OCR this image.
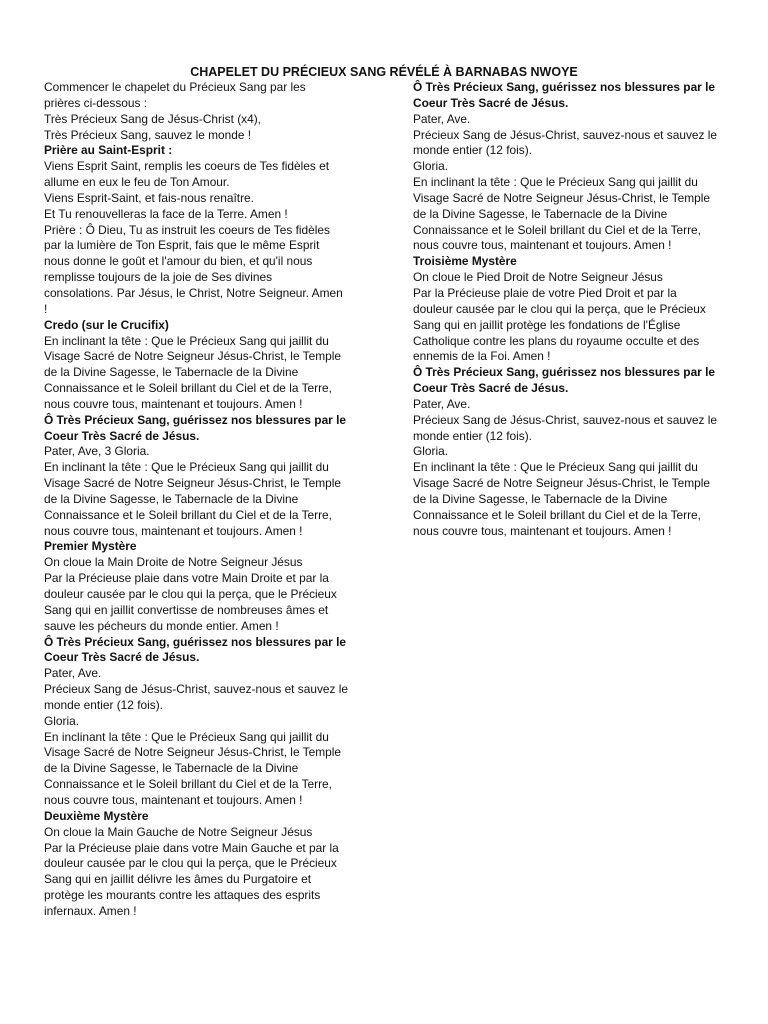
CHAPELET DU PRÉCIEUX SANG RÉVÉLÉ À BARNABAS NWOYE
Commencer le chapelet du Précieux Sang par les
prières ci-dessous :
Très Précieux Sang de Jésus-Christ (x4),
Très Précieux Sang, sauvez le monde !
Prière au Saint-Esprit :
Viens Esprit Saint, remplis les coeurs de Tes fidèles et
allume en eux le feu de Ton Amour.
Viens Esprit-Saint, et fais-nous renaître.
Et Tu renouvelleras la face de la Terre. Amen !
Prière : Ô Dieu, Tu as instruit les coeurs de Tes fidèles
par la lumière de Ton Esprit, fais que le même Esprit
nous donne le goût et l'amour du bien, et qu'il nous
remplisse toujours de la joie de Ses divines
consolations. Par Jésus, le Christ, Notre Seigneur. Amen
!
Credo (sur le Crucifix)
En inclinant la tête : Que le Précieux Sang qui jaillit du
Visage Sacré de Notre Seigneur Jésus-Christ, le Temple
de la Divine Sagesse, le Tabernacle de la Divine
Connaissance et le Soleil brillant du Ciel et de la Terre,
nous couvre tous, maintenant et toujours. Amen !
Ô Très Précieux Sang, guérissez nos blessures par le
Coeur Très Sacré de Jésus.
Pater, Ave, 3 Gloria.
En inclinant la tête : Que le Précieux Sang qui jaillit du
Visage Sacré de Notre Seigneur Jésus-Christ, le Temple
de la Divine Sagesse, le Tabernacle de la Divine
Connaissance et le Soleil brillant du Ciel et de la Terre,
nous couvre tous, maintenant et toujours. Amen !
Premier Mystère
On cloue la Main Droite de Notre Seigneur Jésus
Par la Précieuse plaie dans votre Main Droite et par la
douleur causée par le clou qui la perça, que le Précieux
Sang qui en jaillit convertisse de nombreuses âmes et
sauve les pécheurs du monde entier. Amen !
Ô Très Précieux Sang, guérissez nos blessures par le
Coeur Très Sacré de Jésus.
Pater, Ave.
Précieux Sang de Jésus-Christ, sauvez-nous et sauvez le
monde entier (12 fois).
Gloria.
En inclinant la tête : Que le Précieux Sang qui jaillit du
Visage Sacré de Notre Seigneur Jésus-Christ, le Temple
de la Divine Sagesse, le Tabernacle de la Divine
Connaissance et le Soleil brillant du Ciel et de la Terre,
nous couvre tous, maintenant et toujours. Amen !
Deuxième Mystère
On cloue la Main Gauche de Notre Seigneur Jésus
Par la Précieuse plaie dans votre Main Gauche et par la
douleur causée par le clou qui la perça, que le Précieux
Sang qui en jaillit délivre les âmes du Purgatoire et
protège les mourants contre les attaques des esprits
infernaux. Amen !
Ô Très Précieux Sang, guérissez nos blessures par le
Coeur Très Sacré de Jésus.
Pater, Ave.
Précieux Sang de Jésus-Christ, sauvez-nous et sauvez le
monde entier (12 fois).
Gloria.
En inclinant la tête : Que le Précieux Sang qui jaillit du
Visage Sacré de Notre Seigneur Jésus-Christ, le Temple
de la Divine Sagesse, le Tabernacle de la Divine
Connaissance et le Soleil brillant du Ciel et de la Terre,
nous couvre tous, maintenant et toujours. Amen !
Troisième Mystère
On cloue le Pied Droit de Notre Seigneur Jésus
Par la Précieuse plaie de votre Pied Droit et par la
douleur causée par le clou qui la perça, que le Précieux
Sang qui en jaillit protège les fondations de l'Église
Catholique contre les plans du royaume occulte et des
ennemis de la Foi. Amen !
Ô Très Précieux Sang, guérissez nos blessures par le
Coeur Très Sacré de Jésus.
Pater, Ave.
Précieux Sang de Jésus-Christ, sauvez-nous et sauvez le
monde entier (12 fois).
Gloria.
En inclinant la tête : Que le Précieux Sang qui jaillit du
Visage Sacré de Notre Seigneur Jésus-Christ, le Temple
de la Divine Sagesse, le Tabernacle de la Divine
Connaissance et le Soleil brillant du Ciel et de la Terre,
nous couvre tous, maintenant et toujours. Amen !
